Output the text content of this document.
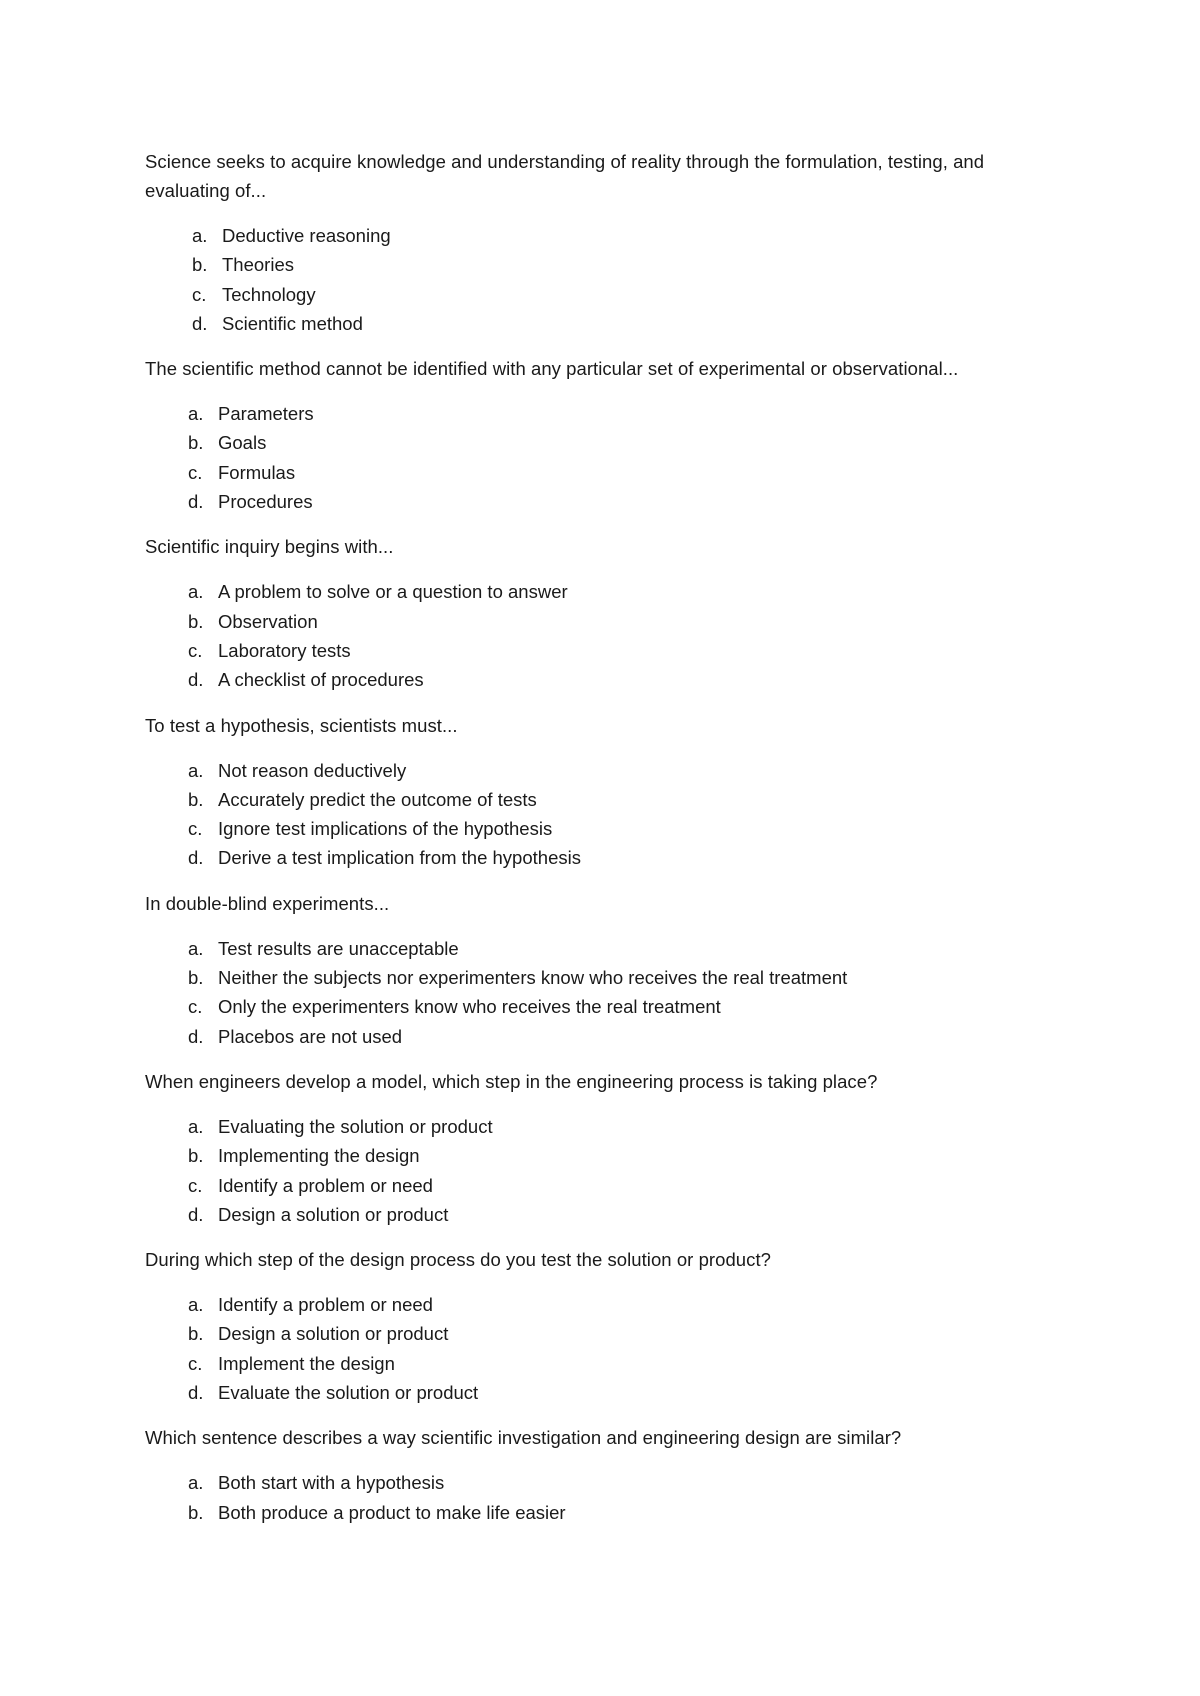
Science seeks to acquire knowledge and understanding of reality through the formulation, testing, and evaluating of...

a. Deductive reasoning
b. Theories
c. Technology
d. Scientific method

The scientific method cannot be identified with any particular set of experimental or observational...

a. Parameters
b. Goals
c. Formulas
d. Procedures

Scientific inquiry begins with...

a. A problem to solve or a question to answer
b. Observation
c. Laboratory tests
d. A checklist of procedures

To test a hypothesis, scientists must...

a. Not reason deductively
b. Accurately predict the outcome of tests
c. Ignore test implications of the hypothesis
d. Derive a test implication from the hypothesis

In double-blind experiments...

a. Test results are unacceptable
b. Neither the subjects nor experimenters know who receives the real treatment
c. Only the experimenters know who receives the real treatment
d. Placebos are not used

When engineers develop a model, which step in the engineering process is taking place?

a. Evaluating the solution or product
b. Implementing the design
c. Identify a problem or need
d. Design a solution or product

During which step of the design process do you test the solution or product?

a. Identify a problem or need
b. Design a solution or product
c. Implement the design
d. Evaluate the solution or product

Which sentence describes a way scientific investigation and engineering design are similar?

a. Both start with a hypothesis
b. Both produce a product to make life easier
